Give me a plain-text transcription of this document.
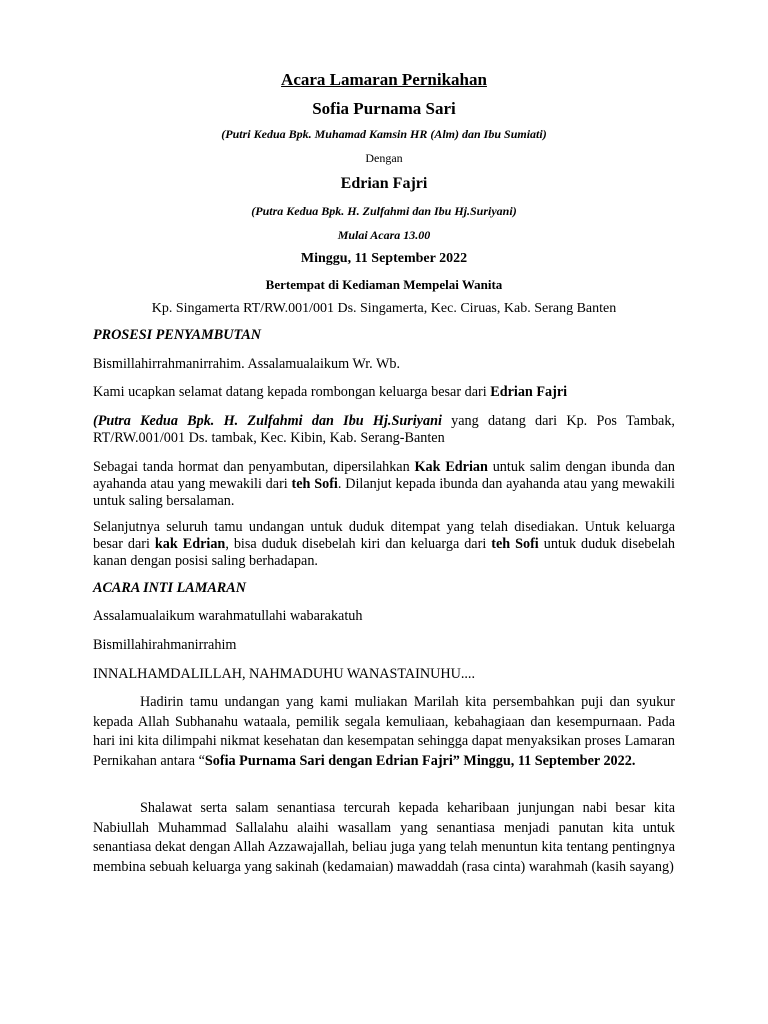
Acara Lamaran Pernikahan
Sofia Purnama Sari
(Putri Kedua Bpk. Muhamad Kamsin HR (Alm) dan Ibu Sumiati)
Dengan
Edrian Fajri
(Putra Kedua Bpk. H. Zulfahmi dan Ibu Hj.Suriyani)
Mulai Acara 13.00
Minggu, 11 September 2022
Bertempat di Kediaman Mempelai Wanita
Kp. Singamerta RT/RW.001/001 Ds. Singamerta, Kec. Ciruas, Kab. Serang Banten

PROSESI PENYAMBUTAN

Bismillahirrahmanirrahim. Assalamualaikum Wr. Wb.

Kami ucapkan selamat datang kepada rombongan keluarga besar dari Edrian Fajri

(Putra Kedua Bpk. H. Zulfahmi dan Ibu Hj.Suriyani yang datang dari Kp. Pos Tambak, RT/RW.001/001 Ds. tambak, Kec. Kibin, Kab. Serang-Banten

Sebagai tanda hormat dan penyambutan, dipersilahkan Kak Edrian untuk salim dengan ibunda dan ayahanda atau yang mewakili dari teh Sofi. Dilanjut kepada ibunda dan ayahanda atau yang mewakili untuk saling bersalaman.

Selanjutnya seluruh tamu undangan untuk duduk ditempat yang telah disediakan. Untuk keluarga besar dari kak Edrian, bisa duduk disebelah kiri dan keluarga dari teh Sofi untuk duduk disebelah kanan dengan posisi saling berhadapan.

ACARA INTI LAMARAN

Assalamualaikum warahmatullahi wabarakatuh

Bismillahirahmanirrahim

INNALHAMDALILLAH, NAHMADUHU WANASTAINUHU....

Hadirin tamu undangan yang kami muliakan Marilah kita persembahkan puji dan syukur kepada Allah Subhanahu wataala, pemilik segala kemuliaan, kebahagiaan dan kesempurnaan. Pada hari ini kita dilimpahi nikmat kesehatan dan kesempatan sehingga dapat menyaksikan proses Lamaran Pernikahan antara “Sofia Purnama Sari dengan Edrian Fajri” Minggu, 11 September 2022.

Shalawat serta salam senantiasa tercurah kepada keharibaan junjungan nabi besar kita Nabiullah Muhammad Sallalahu alaihi wasallam yang senantiasa menjadi panutan kita untuk senantiasa dekat dengan Allah Azzawajallah, beliau juga yang telah menuntun kita tentang pentingnya membina sebuah keluarga yang sakinah (kedamaian) mawaddah (rasa cinta) warahmah (kasih sayang)
